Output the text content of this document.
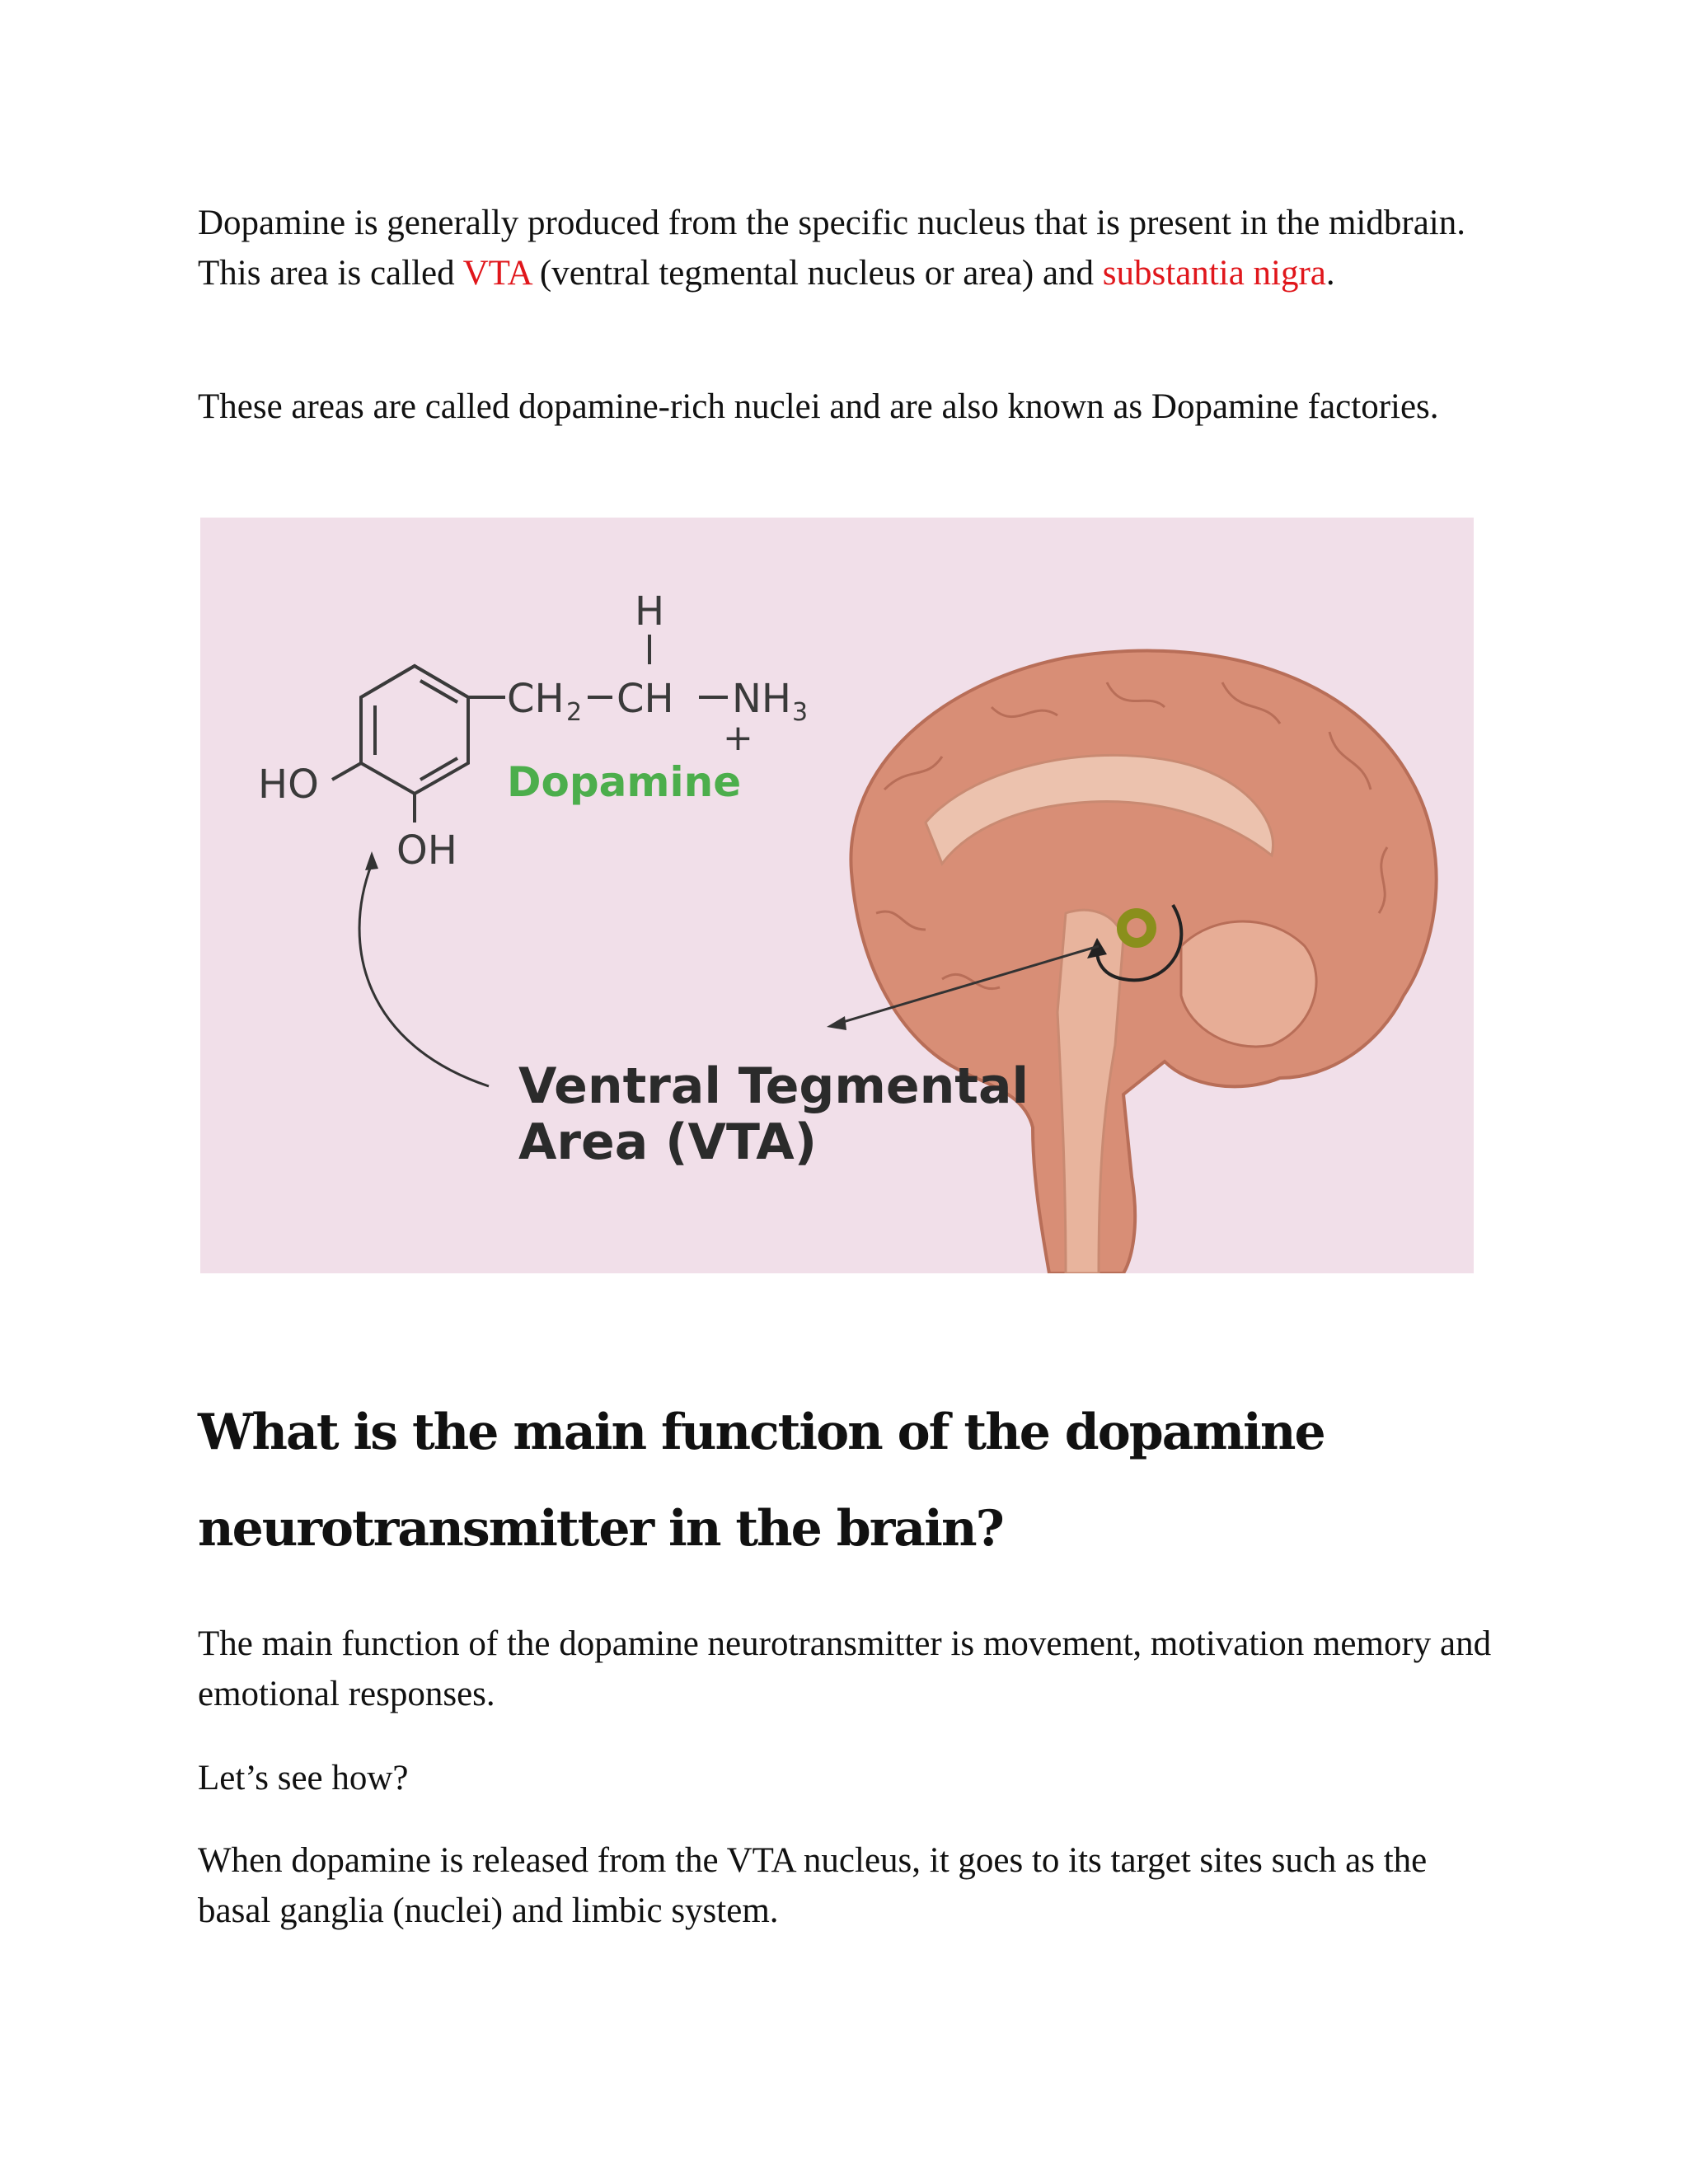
Dopamine is generally produced from the specific nucleus that is present in the midbrain. This area is called VTA (ventral tegmental nucleus or area) and substantia nigra.

These areas are called dopamine-rich nuclei and are also known as Dopamine factories.

H
CH 2 CH NH 3
+
HO
OH
Dopamine
Ventral Tegmental
Area (VTA)
What is the main function of the dopamine neurotransmitter in the brain?

The main function of the dopamine neurotransmitter is movement, motivation memory and emotional responses.

Let’s see how?

When dopamine is released from the VTA nucleus, it goes to its target sites such as the basal ganglia (nuclei) and limbic system.
